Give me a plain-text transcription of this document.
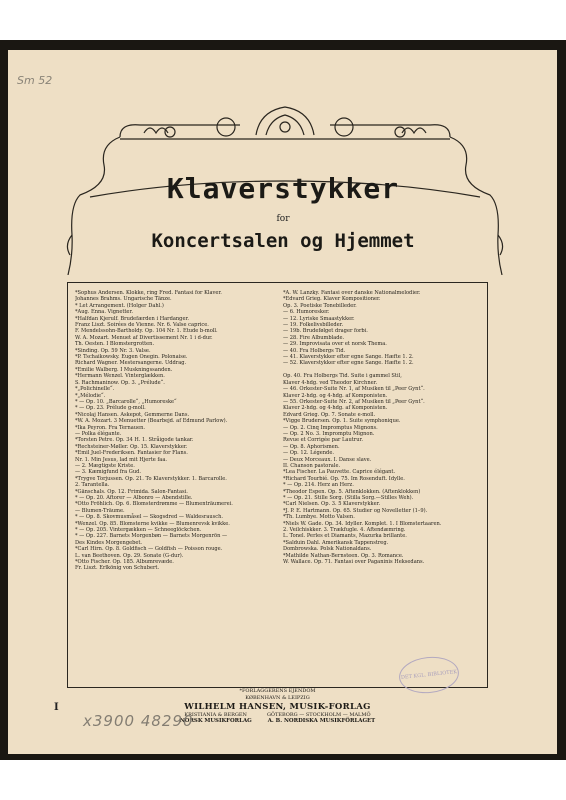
Sm 52
Klaverstykker
for
Koncertsalen og Hjemmet
*Sophus Andersen. Klokke, ring Fred. Fantasi for Klaver.
Johannes Brahms. Ungarische Tänze.
* Let Arrangement. (Holger Dahl.)
*Aug. Enna. Vignetter.
*Halfdan Kjerulf. Brudefærden i Hardanger.
Franz Liszt. Soirées de Vienne. Nr. 6. Valse caprice.
F. Mendelssohn-Bartholdy. Op. 104 Nr. 1. Etude b-moll.
W. A. Mozart. Menuet af Divertissement Nr. 1 i d-dur.
Th. Oesten. I Blomstergrotten.
*Sinding. Op. 59 Nr. 3. Valse.
*P. Tschaikowsky. Eugen Onegin. Polonaise.
Richard Wagner. Mestersangerne. Uddrag.
*Emilie Walberg. I Muskningssanden.
*Hermann Wenzel. Vinterglækken.
S. Rachmaninow. Op. 3. „Prélude“.
*„Polichinelle“.
*„Mélodie“.
* — Op. 10. „Barcarolle“, „Humoreske“
* — Op. 23. Prélude g-moll.
*Nicolaj Hansen. Askepot, Gemmerne Dans.
*W. A. Mozart. 3 Menuetter (Bearbejd. af Edmund Parlow).
*Ika Peyron. Fra Ternauen.
— Polka élégante.
*Torsten Petre. Op. 34 H. 1. Stråigode tankar.
*Rechsteiner-Møller. Op. 15. Klaverstykker.
*Emil Juel-Frederiksen. Fantasier for Flans.
Nr. 1. Min Jesus, lad mit Hjerte faa.
— 2. Mægtigste Kriste.
— 3. Kæmigfund fra Gud.
*Trygve Torjussen. Op. 21. To Klaverstykker. 1. Barcarolle.
2. Tarantella.
*Gänschals. Op. 12. Frimida. Salon-Fantasi.
* — Op. 20. Aftorer — Albonro — Abendstille.
*Otto Fröhlich. Op. 6. Blomsterdrømme — Blumenträumerei.
— Blumen-Träume.
* — Op. 8. Skovmusmåsel — Skogsdred — Waldesrausch.
*Wenzel. Op. 85. Blomsterne kvikke — Blumenrevsk kvikke.
* — Op. 205. Vintergækken — Schneeglöckchen.
* — Op. 227. Barnets Morgenbøn — Barnets Morgenrön —
Des Kindes Morgengebet.
*Carl Hirn. Op. 8. Goldfisch — Goldfish — Poisson rouge.
L. van Beethoven. Op. 29. Sonate (G-dur).
*Otto Fischer. Op. 185. Albumrevæde.
Fr. Liszt. Erlkönig von Schubert.
*A. W. Lanzky. Fantasi over danske Nationalmelodier.
*Edvard Grieg. Klaver Kompositioner.
Op. 3. Poetiske Tonebilleder.
— 6. Humoresker.
— 12. Lyriske Smaastykker.
— 19. Folkelivsbilleder.
— 19b. Brudefølget drager forbi.
— 28. Fire Albumblade.
— 29. Improvisata over et norsk Thema.
— 40. Fra Holbergs Tid.
— 41. Klaverstykker efter egne Sange. Hæfte 1. 2.
— 52. Klaverstykker efter egne Sange. Hæfte 1. 2.

Op. 40. Fra Holbergs Tid. Suite i gammel Stil,
Klaver 4-hdg. ved Theodor Kirchner.
— 46. Orkester-Suite Nr. 1, af Musiken til „Peer Gynt“.
Klaver 2-hdg. og 4-hdg. af Komponisten.
— 55. Orkester-Suite Nr. 2, af Musiken til „Peer Gynt“.
Klaver 2-hdg. og 4-hdg. af Komponisten.
Edvard Grieg. Op. 7. Sonate e-moll.
*Vigge Brudersen. Op. 1. Suite symphonique.
— Op. 2. Cinq Impromptus Mignons.
— Op. 2 No. 3. Impromptu Mignon.
Revue et Corrigée par Lautrur.
— Op. 8. Aphorismen.
— Op. 12. Légende.
— Deux Morceaux. I. Danse slave.
II. Chanson pastorale.
*Lea Fischer. La Pauvette. Caprice élégant.
*Richard Tourbié. Op. 75. Im Rosenduft. Idylle.
* — Op. 214. Herz an Herz.
*Theodor Espen. Op. 5. Aftenklokken. (Aftenklokken)
* — Op. 21. Stille Sorg. (Stilla Sorg.—Stilles Weh).
*Carl Nielsen. Op. 3. 5 Klaverstykker.
*J. P. E. Hartmann. Op. 65. Studier og Novelletter (1–9).
*Th. Lumbye. Motto Valsen.
*Niels W. Gade. Op. 34. Idyller. Komplet. 1. I Blomstertaaren.
2. Veilchiskker. 3. Trækfugle. 4. Aftendæmring.
L. Tonel. Perles et Diamants, Mazurka brillante.
*Salduin Dahl. Amerikansk Tappenstreg.
Dombrowska. Polsk Nationaldans.
*Mathilde Nathan-Bernsteen. Op. 3. Romance.
W. Wallace. Op. 71. Fantasi over Paganinis Heksedans.
DET KGL. BIBLIOTEK
*FORLAGGERENS EJENDOM
KØBENHAVN & LEIPZIG
WILHELM HANSEN, MUSIK-FORLAG
KRISTIANIA & BERGEN	GÖTEBORG — STOCKHOLM — MALMÖ
NORSK MUSIKFORLAG	A. B. NORDISKA MUSIKFÖRLAGET
I
x3900 48290
